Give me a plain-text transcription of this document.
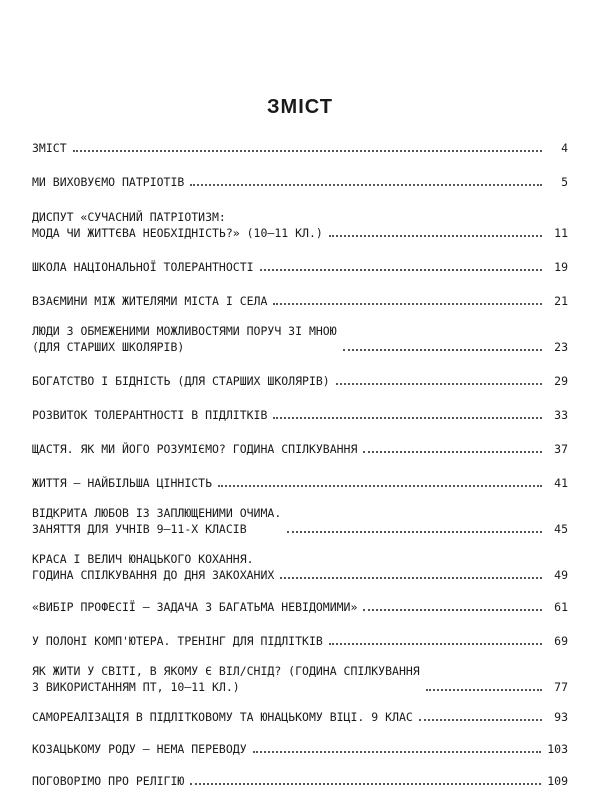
ЗМІСТ
ЗМІСТ	4
МИ ВИХОВУЄМО ПАТРІОТІВ	5
ДИСПУТ «СУЧАСНИЙ ПАТРІОТИЗМ:
МОДА ЧИ ЖИТТЄВА НЕОБХІДНІСТЬ?» (10–11 КЛ.)	11
ШКОЛА НАЦІОНАЛЬНОЇ ТОЛЕРАНТНОСТІ	19
ВЗАЄМИНИ МІЖ ЖИТЕЛЯМИ МІСТА І СЕЛА	21
ЛЮДИ З ОБМЕЖЕНИМИ МОЖЛИВОСТЯМИ ПОРУЧ ЗІ МНОЮ
(ДЛЯ СТАРШИХ ШКОЛЯРІВ)	23
БОГАТСТВО І БІДНІСТЬ (ДЛЯ СТАРШИХ ШКОЛЯРІВ)	29
РОЗВИТОК ТОЛЕРАНТНОСТІ В ПІДЛІТКІВ	33
ЩАСТЯ. ЯК МИ ЙОГО РОЗУМІЄМО? ГОДИНА СПІЛКУВАННЯ	37
ЖИТТЯ — НАЙБІЛЬША ЦІННІСТЬ	41
ВІДКРИТА ЛЮБОВ ІЗ ЗАПЛЮЩЕНИМИ ОЧИМА.
ЗАНЯТТЯ ДЛЯ УЧНІВ 9–11-Х КЛАСІВ	45
КРАСА І ВЕЛИЧ ЮНАЦЬКОГО КОХАННЯ.
ГОДИНА СПІЛКУВАННЯ ДО ДНЯ ЗАКОХАНИХ	49
«ВИБІР ПРОФЕСІЇ — ЗАДАЧА З БАГАТЬМА НЕВІДОМИМИ»	61
У ПОЛОНІ КОМП'ЮТЕРА. ТРЕНІНГ ДЛЯ ПІДЛІТКІВ	69
ЯК ЖИТИ У СВІТІ, В ЯКОМУ Є ВІЛ/СНІД? (ГОДИНА СПІЛКУВАННЯ
З ВИКОРИСТАННЯМ ПТ, 10–11 КЛ.)	77
САМОРЕАЛІЗАЦІЯ В ПІДЛІТКОВОМУ ТА ЮНАЦЬКОМУ ВІЦІ. 9 КЛАС	93
КОЗАЦЬКОМУ РОДУ — НЕМА ПЕРЕВОДУ	103
ПОГОВОРІМО ПРО РЕЛІГІЮ	109
